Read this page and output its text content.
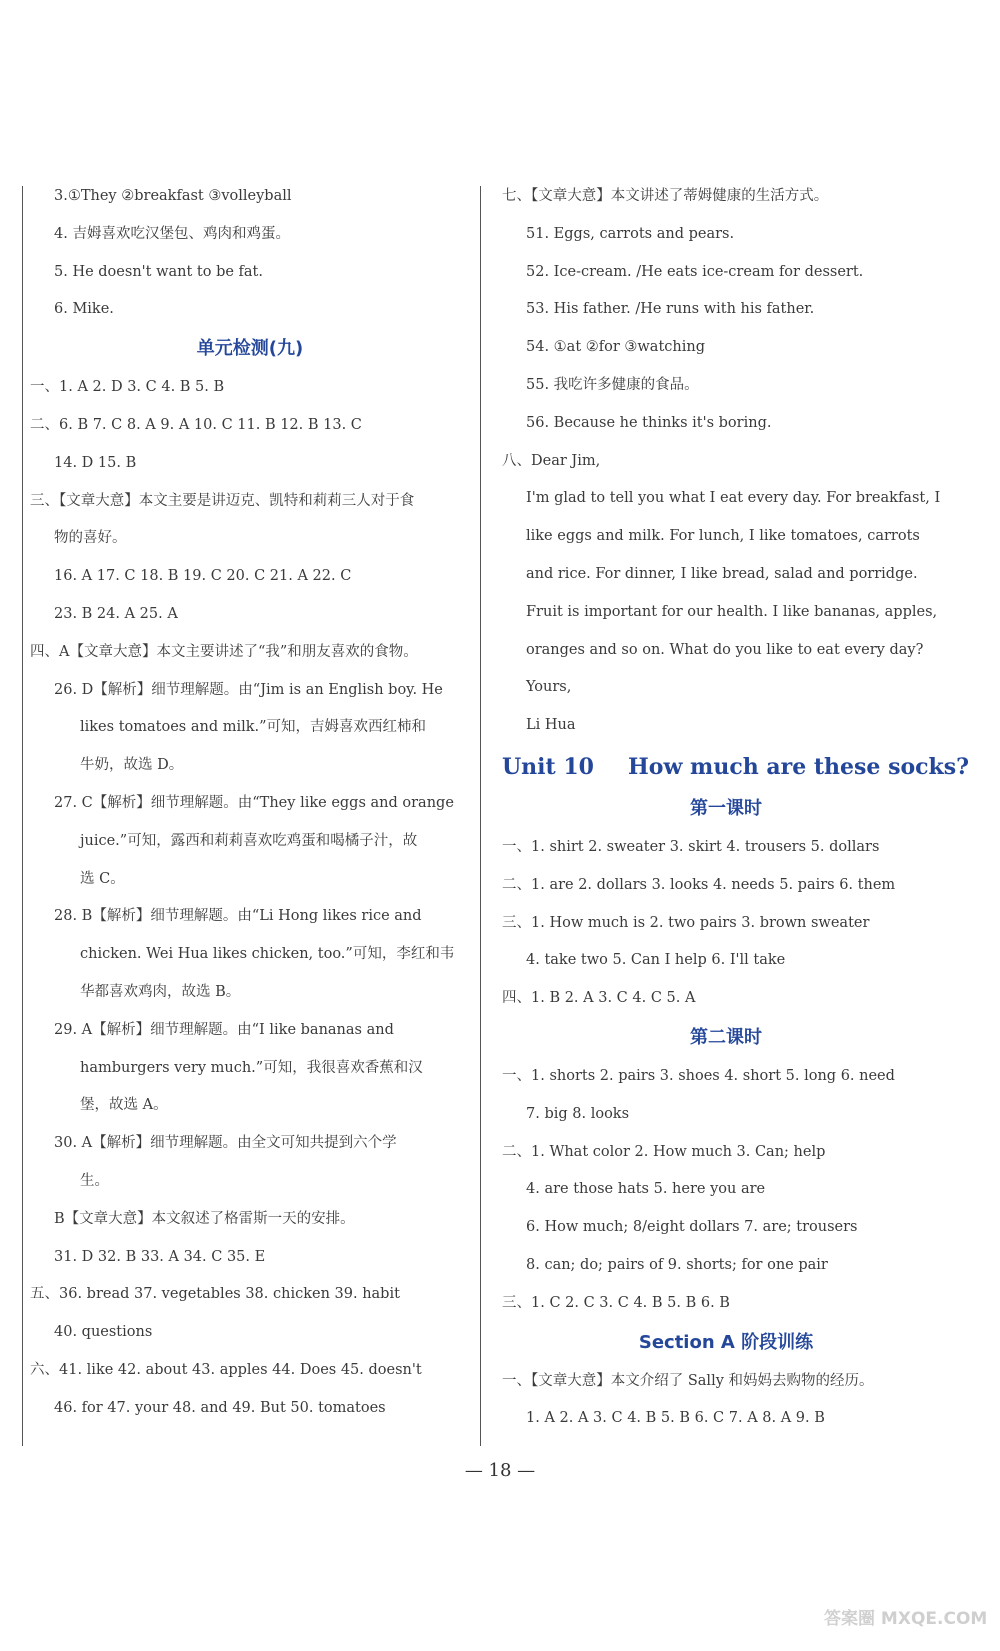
3.①They ②breakfast ③volleyball
4. 吉姆喜欢吃汉堡包、鸡肉和鸡蛋。
5. He doesn't want to be fat.
6. Mike.
单元检测(九)
一、1. A 2. D 3. C 4. B 5. B
二、6. B 7. C 8. A 9. A 10. C 11. B 12. B 13. C
14. D 15. B
三、【文章大意】本文主要是讲迈克、凯特和莉莉三人对于食
物的喜好。
16. A 17. C 18. B 19. C 20. C 21. A 22. C
23. B 24. A 25. A
四、A【文章大意】本文主要讲述了“我”和朋友喜欢的食物。
26. D【解析】细节理解题。由“Jim is an English boy. He
likes tomatoes and milk.”可知，吉姆喜欢西红柿和
牛奶，故选 D。
27. C【解析】细节理解题。由“They like eggs and orange
juice.”可知，露西和莉莉喜欢吃鸡蛋和喝橘子汁，故
选 C。
28. B【解析】细节理解题。由“Li Hong likes rice and
chicken. Wei Hua likes chicken, too.”可知，李红和韦
华都喜欢鸡肉，故选 B。
29. A【解析】细节理解题。由“I like bananas and
hamburgers very much.”可知，我很喜欢香蕉和汉
堡，故选 A。
30. A【解析】细节理解题。由全文可知共提到六个学
生。
B【文章大意】本文叙述了格雷斯一天的安排。
31. D 32. B 33. A 34. C 35. E
五、36. bread 37. vegetables 38. chicken 39. habit
40. questions
六、41. like 42. about 43. apples 44. Does 45. doesn't
46. for 47. your 48. and 49. But 50. tomatoes
七、【文章大意】本文讲述了蒂姆健康的生活方式。
51. Eggs, carrots and pears.
52. Ice-cream. /He eats ice-cream for dessert.
53. His father. /He runs with his father.
54. ①at ②for ③watching
55. 我吃许多健康的食品。
56. Because he thinks it's boring.
八、Dear Jim,
I'm glad to tell you what I eat every day. For breakfast, I
like eggs and milk. For lunch, I like tomatoes, carrots
and rice. For dinner, I like bread, salad and porridge.
Fruit is important for our health. I like bananas, apples,
oranges and so on. What do you like to eat every day?
Yours,
Li Hua
Unit 10 How much are these socks?
第一课时
一、1. shirt 2. sweater 3. skirt 4. trousers 5. dollars
二、1. are 2. dollars 3. looks 4. needs 5. pairs 6. them
三、1. How much is 2. two pairs 3. brown sweater
4. take two 5. Can I help 6. I'll take
四、1. B 2. A 3. C 4. C 5. A
第二课时
一、1. shorts 2. pairs 3. shoes 4. short 5. long 6. need
7. big 8. looks
二、1. What color 2. How much 3. Can; help
4. are those hats 5. here you are
6. How much; 8/eight dollars 7. are; trousers
8. can; do; pairs of 9. shorts; for one pair
三、1. C 2. C 3. C 4. B 5. B 6. B
Section A 阶段训练
一、【文章大意】本文介绍了 Sally 和妈妈去购物的经历。
1. A 2. A 3. C 4. B 5. B 6. C 7. A 8. A 9. B
— 18 —
答案圈 MXQE.COM
